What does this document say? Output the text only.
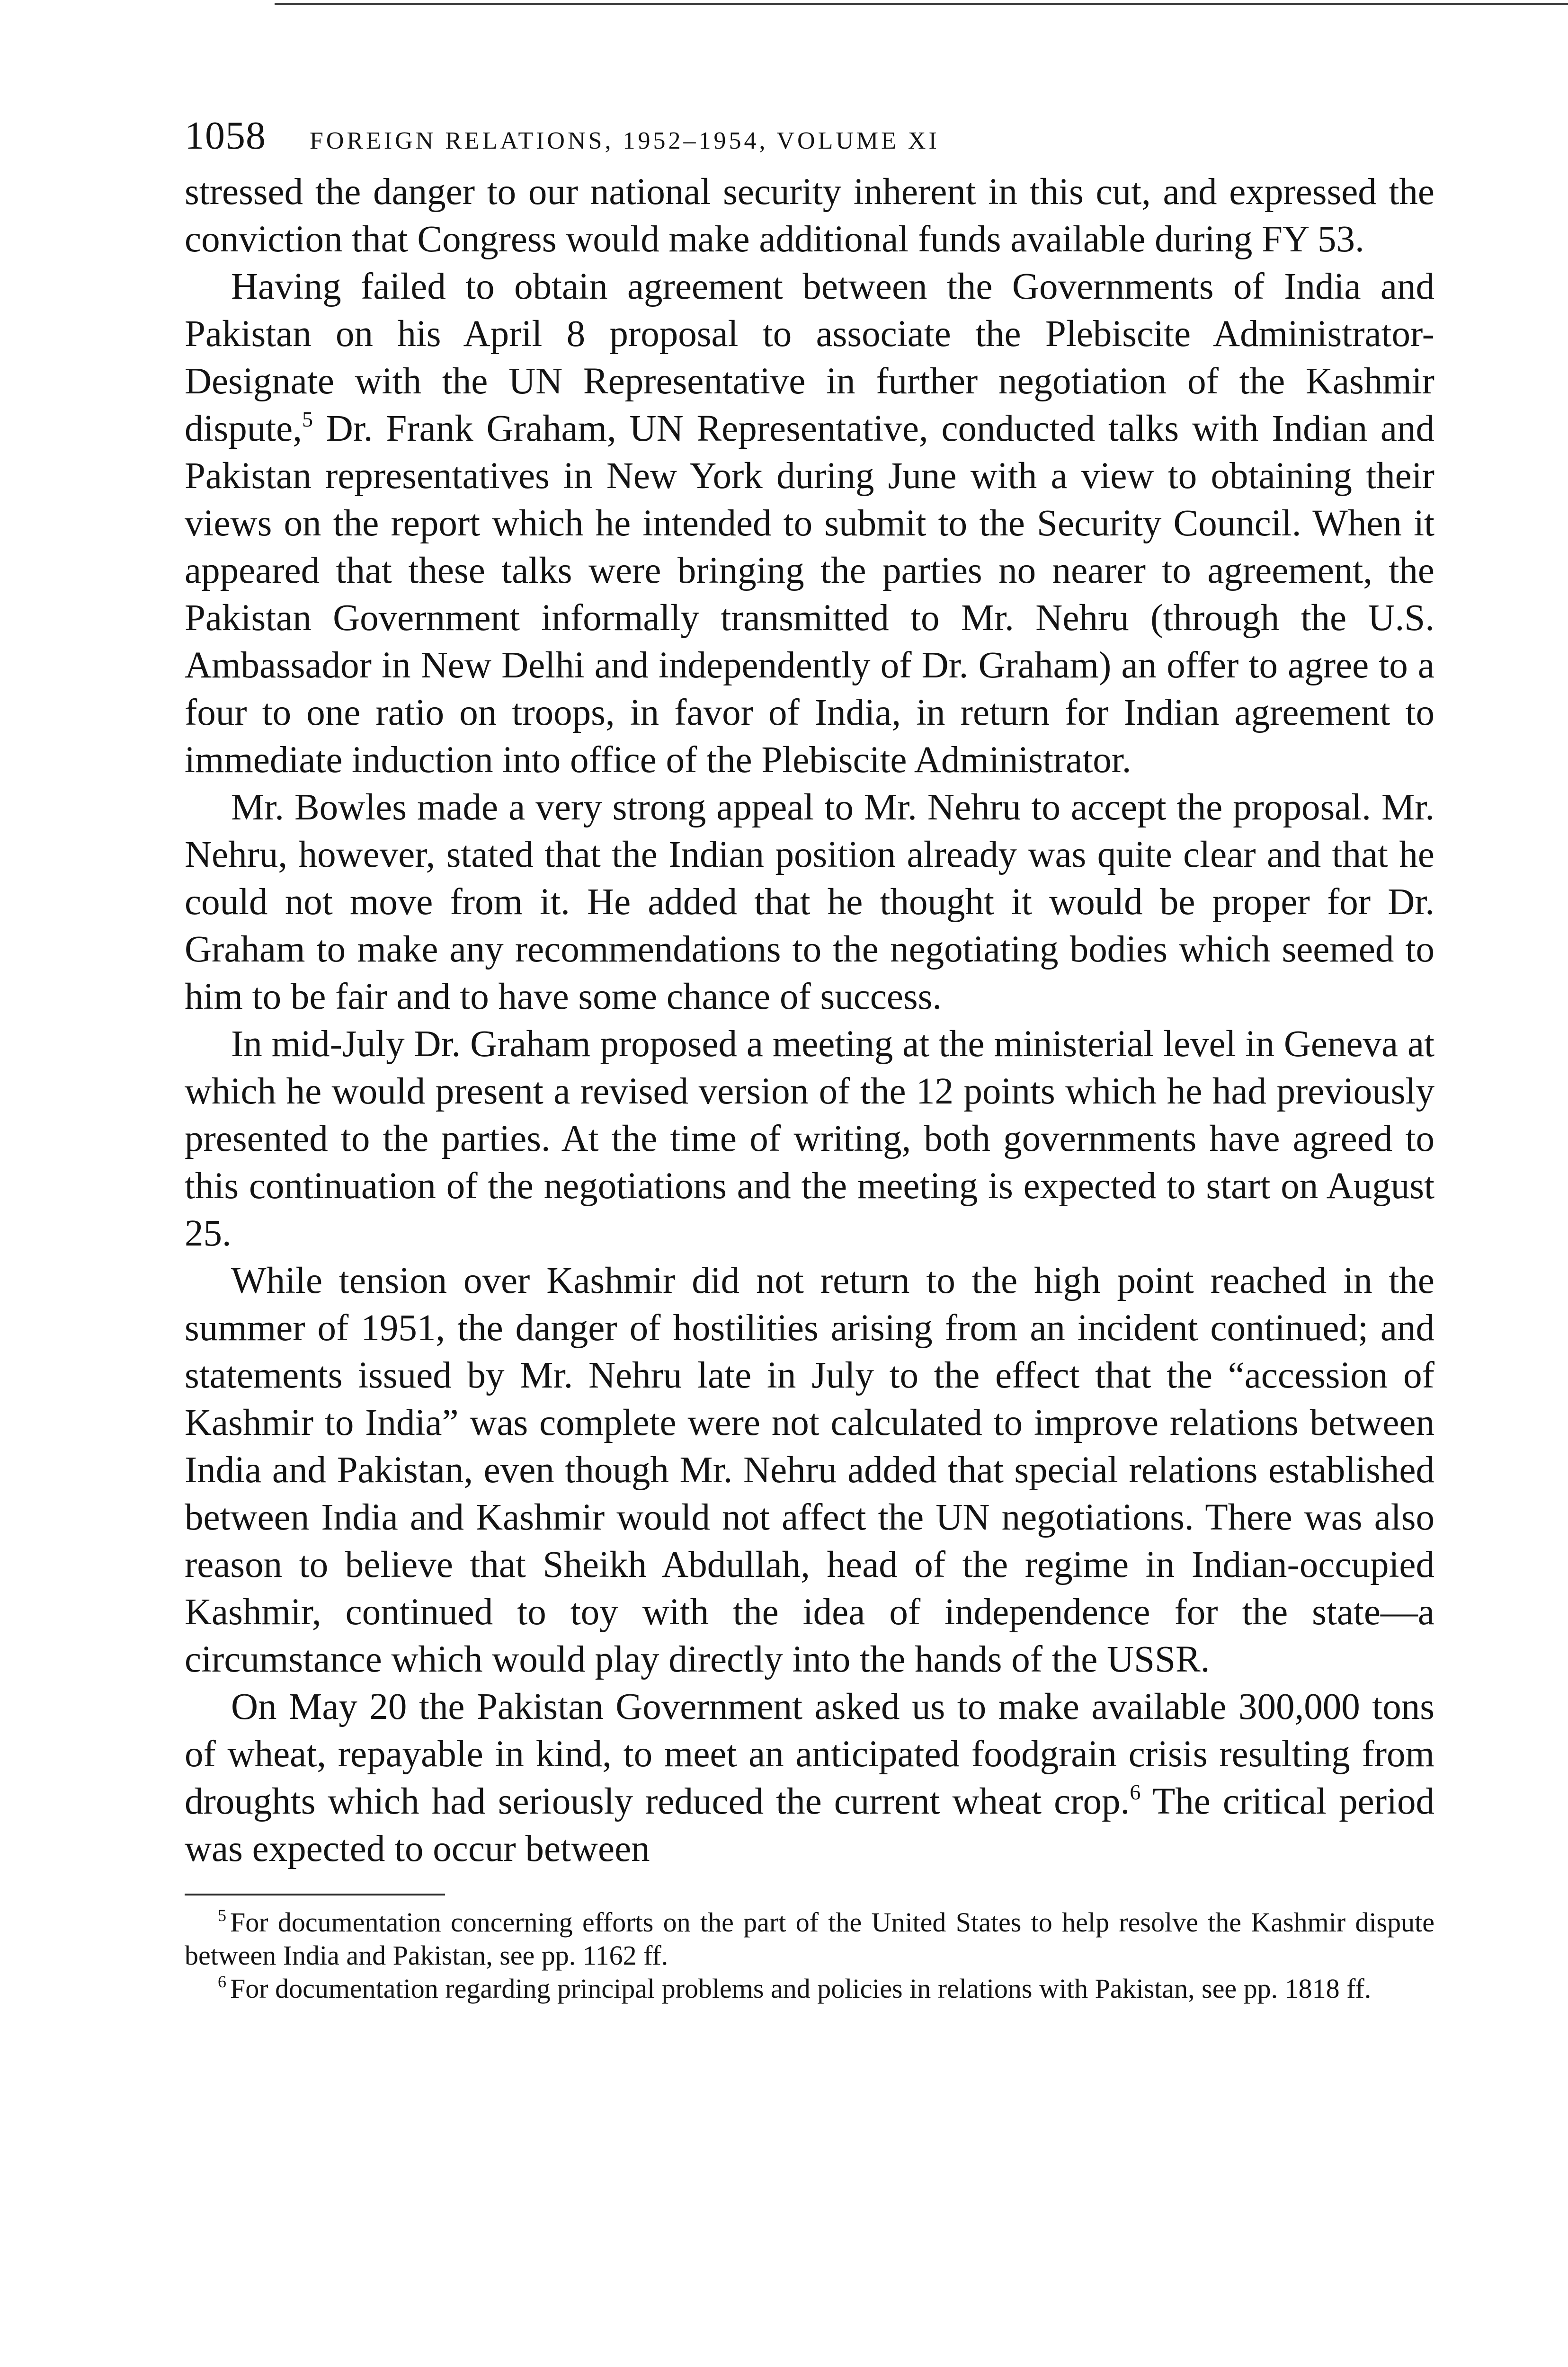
1058 FOREIGN RELATIONS, 1952–1954, VOLUME XI

stressed the danger to our national security inherent in this cut, and expressed the conviction that Congress would make additional funds available during FY 53.

Having failed to obtain agreement between the Governments of India and Pakistan on his April 8 proposal to associate the Plebiscite Administrator-Designate with the UN Representative in further negotiation of the Kashmir dispute,$^5$ Dr. Frank Graham, UN Representative, conducted talks with Indian and Pakistan representatives in New York during June with a view to obtaining their views on the report which he intended to submit to the Security Council. When it appeared that these talks were bringing the parties no nearer to agreement, the Pakistan Government informally transmitted to Mr. Nehru (through the U.S. Ambassador in New Delhi and independently of Dr. Graham) an offer to agree to a four to one ratio on troops, in favor of India, in return for Indian agreement to immediate induction into office of the Plebiscite Administrator.

Mr. Bowles made a very strong appeal to Mr. Nehru to accept the proposal. Mr. Nehru, however, stated that the Indian position already was quite clear and that he could not move from it. He added that he thought it would be proper for Dr. Graham to make any recommendations to the negotiating bodies which seemed to him to be fair and to have some chance of success.

In mid-July Dr. Graham proposed a meeting at the ministerial level in Geneva at which he would present a revised version of the 12 points which he had previously presented to the parties. At the time of writing, both governments have agreed to this continuation of the negotiations and the meeting is expected to start on August 25.

While tension over Kashmir did not return to the high point reached in the summer of 1951, the danger of hostilities arising from an incident continued; and statements issued by Mr. Nehru late in July to the effect that the “accession of Kashmir to India” was complete were not calculated to improve relations between India and Pakistan, even though Mr. Nehru added that special relations established between India and Kashmir would not affect the UN negotiations. There was also reason to believe that Sheikh Abdullah, head of the regime in Indian-occupied Kashmir, continued to toy with the idea of independence for the state—a circumstance which would play directly into the hands of the USSR.

On May 20 the Pakistan Government asked us to make available 300,000 tons of wheat, repayable in kind, to meet an anticipated foodgrain crisis resulting from droughts which had seriously reduced the current wheat crop.$^6$ The critical period was expected to occur between

$^5$ For documentation concerning efforts on the part of the United States to help resolve the Kashmir dispute between India and Pakistan, see pp. 1162 ff.

$^6$ For documentation regarding principal problems and policies in relations with Pakistan, see pp. 1818 ff.
